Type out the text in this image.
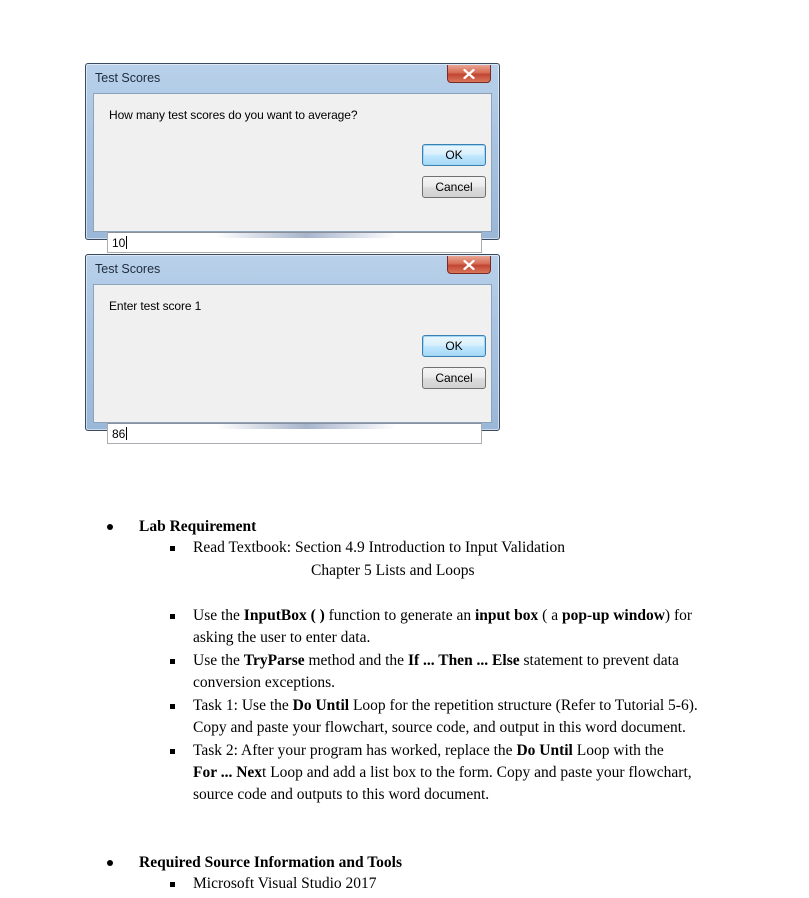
Test Scores
How many test scores do you want to average?
OK
Cancel
10
Test Scores
Enter test score 1
OK
Cancel
86
Lab Requirement
Read Textbook: Section 4.9 Introduction to Input Validation
Chapter 5 Lists and Loops
Use the InputBox ( ) function to generate an input box ( a pop-up window) for
asking the user to enter data.
Use the TryParse method and the If ... Then ... Else statement to prevent data
conversion exceptions.
Task 1: Use the Do Until Loop for the repetition structure (Refer to Tutorial 5-6).
Copy and paste your flowchart, source code, and output in this word document.
Task 2: After your program has worked, replace the Do Until Loop with the
For ... Next Loop and add a list box to the form. Copy and paste your flowchart,
source code and outputs to this word document.
Required Source Information and Tools
Microsoft Visual Studio 2017
